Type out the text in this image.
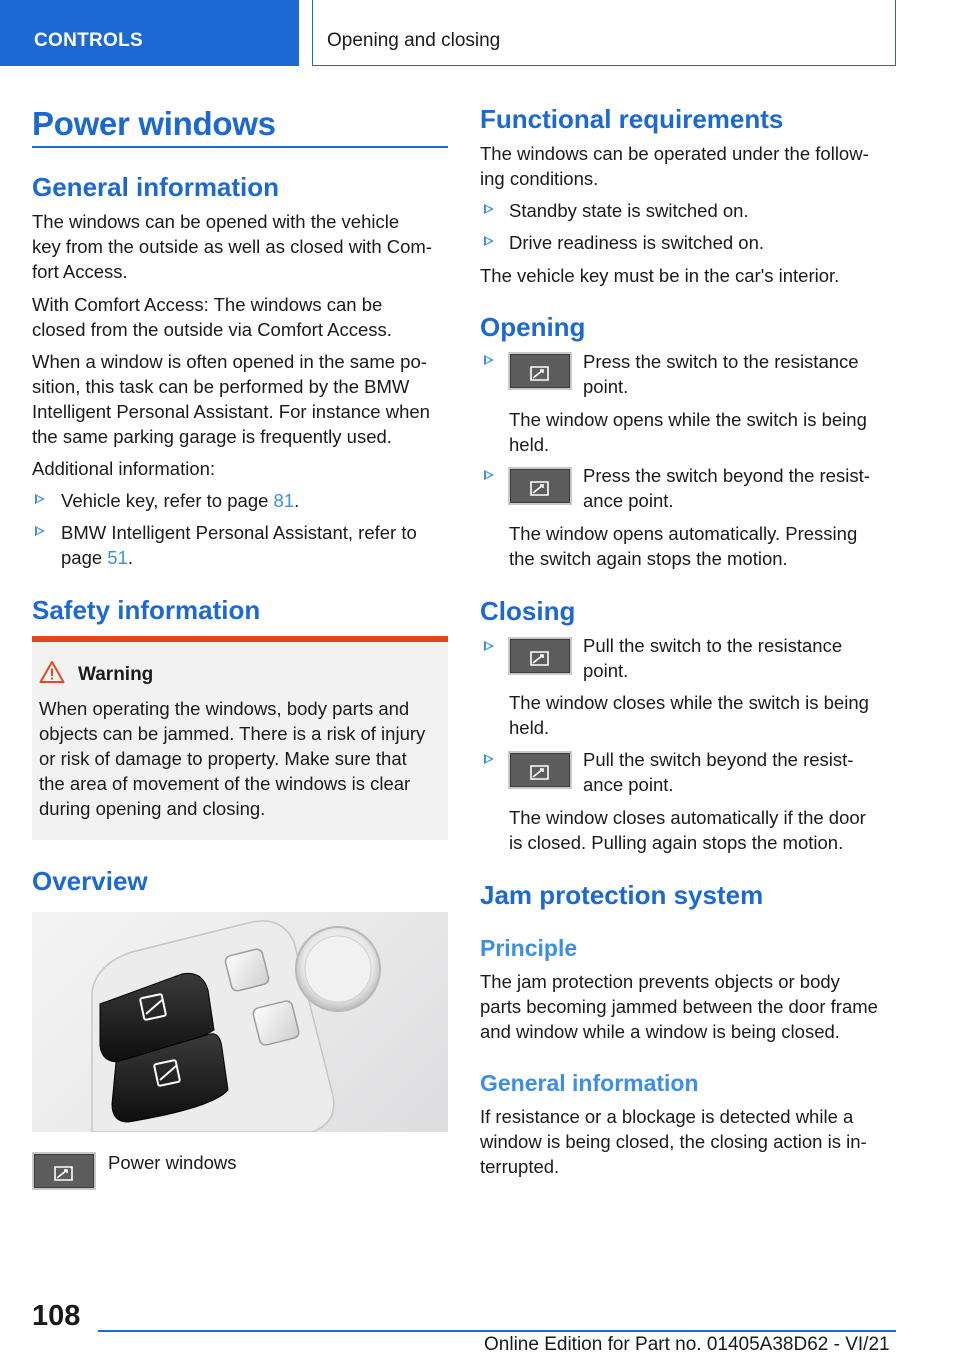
CONTROLS	Opening and closing
Power windows
General information
The windows can be opened with the vehicle
key from the outside as well as closed with Com‐
fort Access.
With Comfort Access: The windows can be
closed from the outside via Comfort Access.
When a window is often opened in the same po‐
sition, this task can be performed by the BMW
Intelligent Personal Assistant. For instance when
the same parking garage is frequently used.
Additional information:
Vehicle key, refer to page 81.
BMW Intelligent Personal Assistant, refer to
page 51.
Safety information
Warning
When operating the windows, body parts and
objects can be jammed. There is a risk of injury
or risk of damage to property. Make sure that
the area of movement of the windows is clear
during opening and closing.
Overview
Power windows
Functional requirements
The windows can be operated under the follow‐
ing conditions.
Standby state is switched on.
Drive readiness is switched on.
The vehicle key must be in the car's interior.
Opening
Press the switch to the resistance
point.
The window opens while the switch is being
held.
Press the switch beyond the resist‐
ance point.
The window opens automatically. Pressing
the switch again stops the motion.
Closing
Pull the switch to the resistance
point.
The window closes while the switch is being
held.
Pull the switch beyond the resist‐
ance point.
The window closes automatically if the door
is closed. Pulling again stops the motion.
Jam protection system
Principle
The jam protection prevents objects or body
parts becoming jammed between the door frame
and window while a window is being closed.
General information
If resistance or a blockage is detected while a
window is being closed, the closing action is in‐
terrupted.
108
Online Edition for Part no. 01405A38D62 - VI/21
